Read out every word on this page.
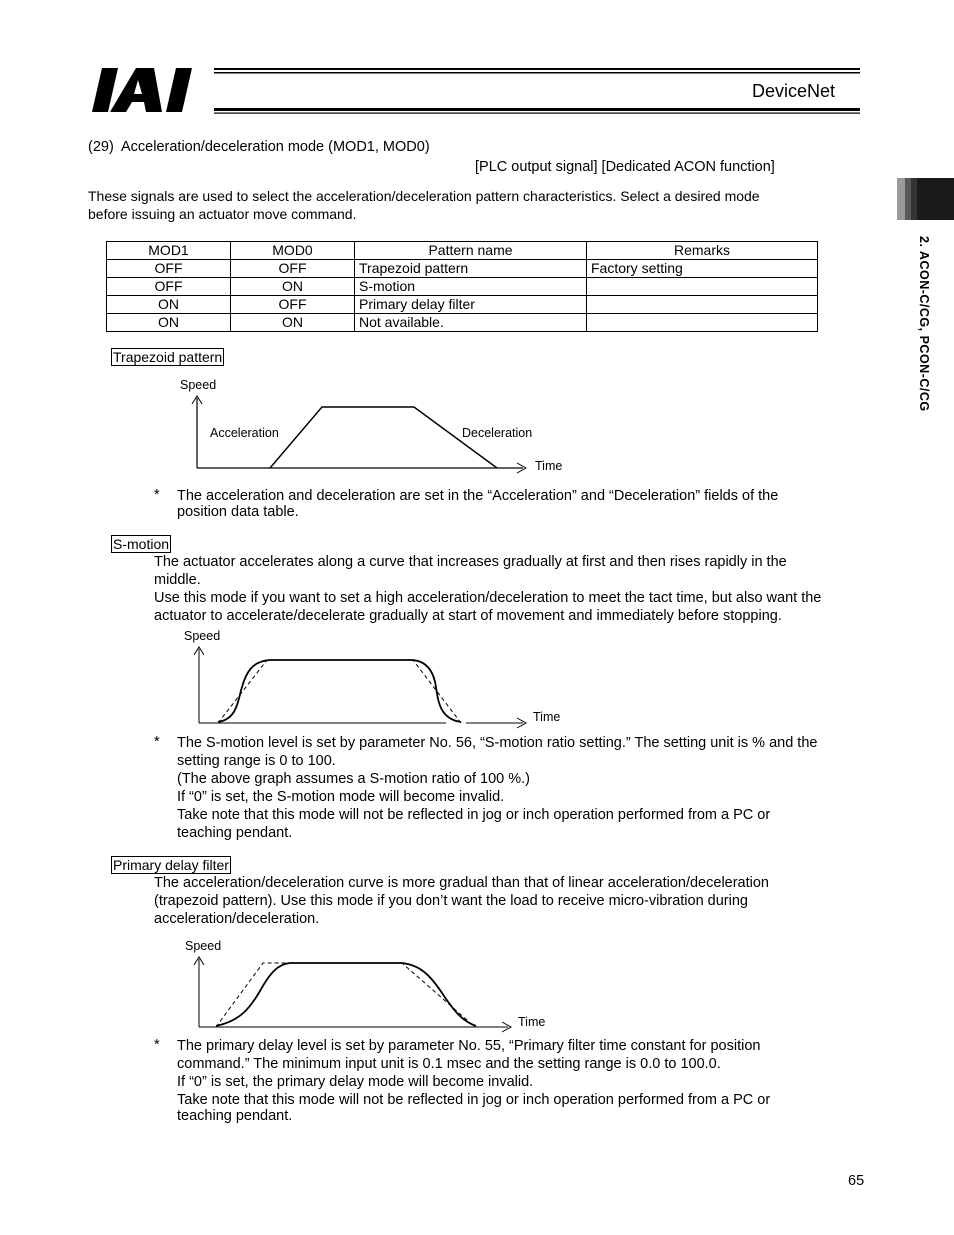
DeviceNet
2. ACON-C/CG, PCON-C/CG
(29) Acceleration/deceleration mode (MOD1, MOD0)
[PLC output signal] [Dedicated ACON function]
These signals are used to select the acceleration/deceleration pattern characteristics. Select a desired mode
before issuing an actuator move command.
MOD1	MOD0	Pattern name	Remarks
OFF	OFF	Trapezoid pattern	Factory setting
OFF	ON	S-motion	
ON	OFF	Primary delay filter	
ON	ON	Not available.	
Trapezoid pattern
Speed
Acceleration	Deceleration
Time
* The acceleration and deceleration are set in the “Acceleration” and “Deceleration” fields of the
position data table.
S-motion
The actuator accelerates along a curve that increases gradually at first and then rises rapidly in the
middle.
Use this mode if you want to set a high acceleration/deceleration to meet the tact time, but also want the
actuator to accelerate/decelerate gradually at start of movement and immediately before stopping.
Speed
Time
* The S-motion level is set by parameter No. 56, “S-motion ratio setting.” The setting unit is % and the
setting range is 0 to 100.
(The above graph assumes a S-motion ratio of 100 %.)
If “0” is set, the S-motion mode will become invalid.
Take note that this mode will not be reflected in jog or inch operation performed from a PC or
teaching pendant.
Primary delay filter
The acceleration/deceleration curve is more gradual than that of linear acceleration/deceleration
(trapezoid pattern). Use this mode if you don’t want the load to receive micro-vibration during
acceleration/deceleration.
Speed
Time
* The primary delay level is set by parameter No. 55, “Primary filter time constant for position
command.” The minimum input unit is 0.1 msec and the setting range is 0.0 to 100.0.
If “0” is set, the primary delay mode will become invalid.
Take note that this mode will not be reflected in jog or inch operation performed from a PC or
teaching pendant.
65
